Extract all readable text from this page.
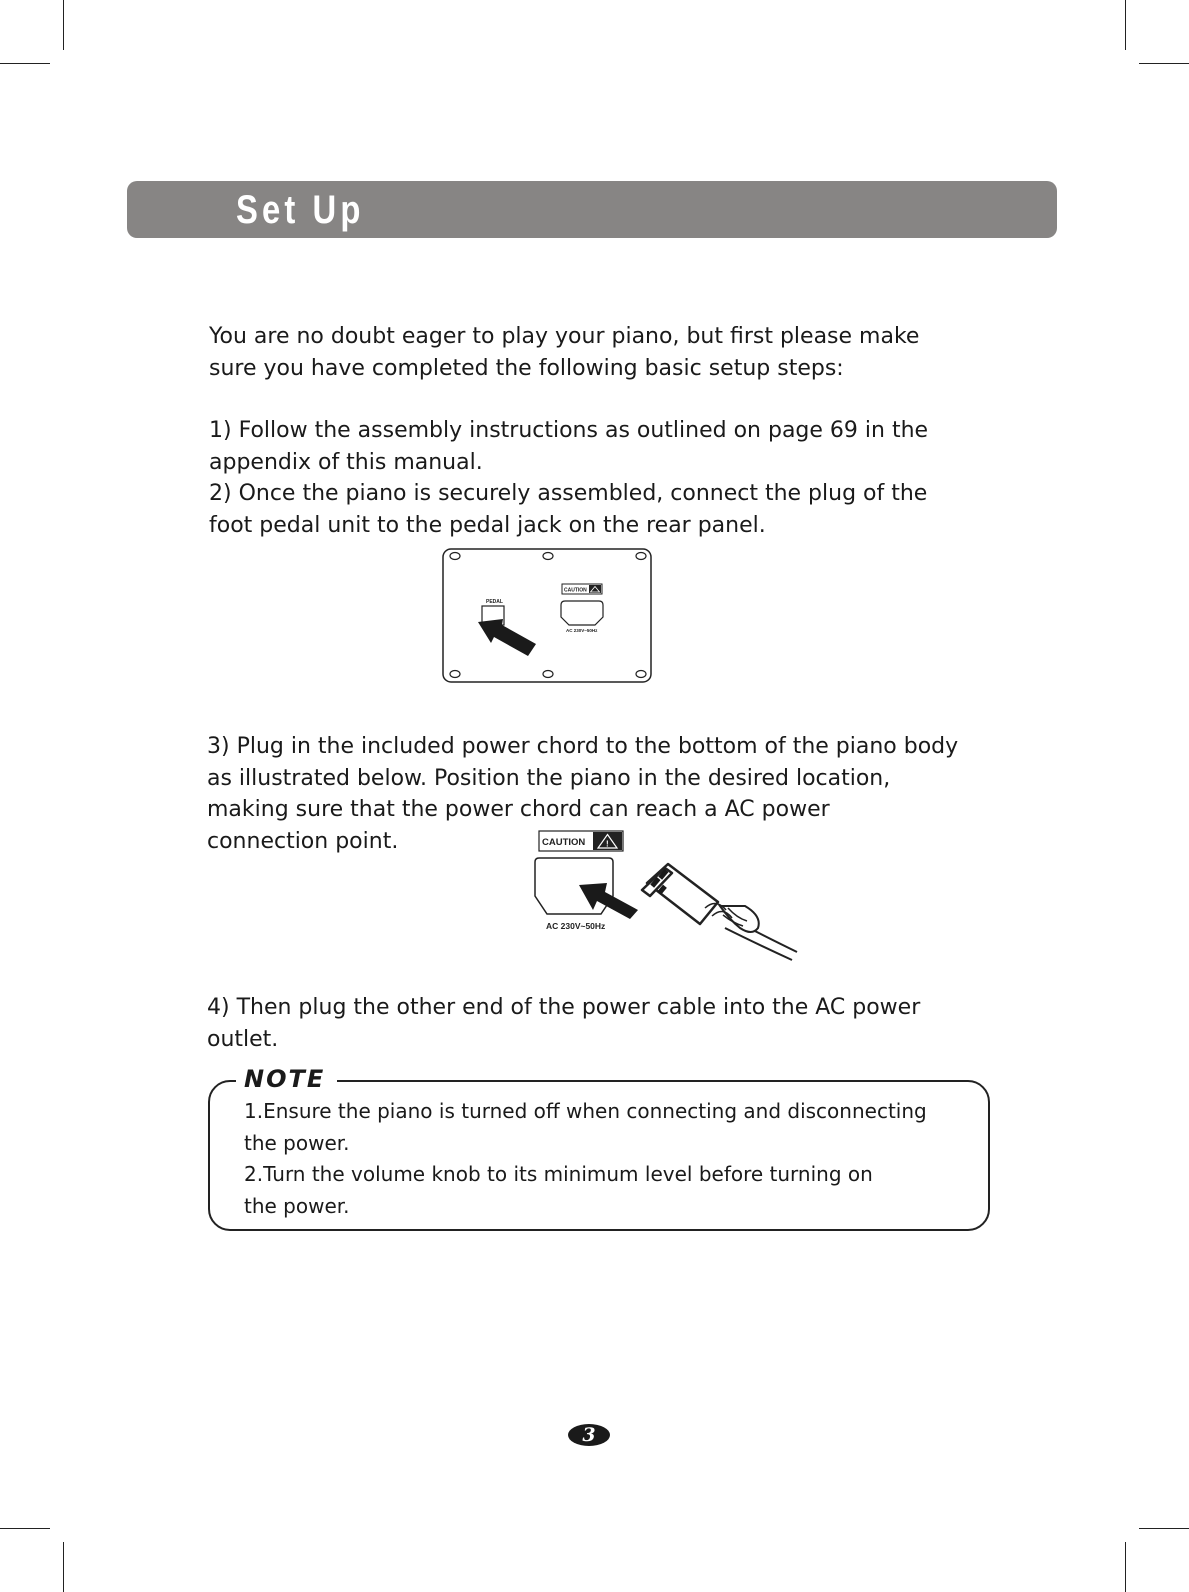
Set Up
You are no doubt eager to play your piano, but first please make
sure you have completed the following basic setup steps:
1) Follow the assembly instructions as outlined on page 69 in the
appendix of this manual.
2) Once the piano is securely assembled, connect the plug of the
foot pedal unit to the pedal jack on the rear panel.
PEDAL
CAUTION
AC 230V~50Hz
3) Plug in the included power chord to the bottom of the piano body
as illustrated below. Position the piano in the desired location,
making sure that the power chord can reach a AC power
connection point.	CAUTION	!
AC 230V~50Hz
4) Then plug the other end of the power cable into the AC power
outlet.
NOTE
1.Ensure the piano is turned off when connecting and disconnecting
the power.
2.Turn the volume knob to its minimum level before turning on
the power.
3
